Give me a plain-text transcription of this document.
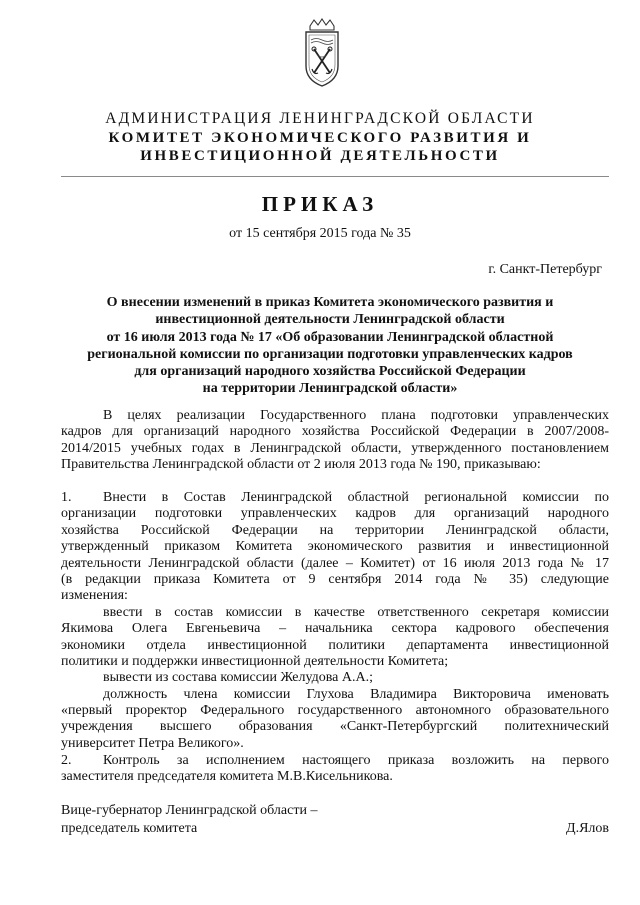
АДМИНИСТРАЦИЯ ЛЕНИНГРАДСКОЙ ОБЛАСТИ
КОМИТЕТ ЭКОНОМИЧЕСКОГО РАЗВИТИЯ И
ИНВЕСТИЦИОННОЙ ДЕЯТЕЛЬНОСТИ
ПРИКАЗ
от 15 сентября 2015 года № 35
г. Санкт-Петербург
О внесении изменений в приказ Комитета экономического развития и
инвестиционной деятельности Ленинградской области
от 16 июля 2013 года № 17 «Об образовании Ленинградской областной
региональной комиссии по организации подготовки управленческих кадров
для организаций народного хозяйства Российской Федерации
на территории Ленинградской области»
В целях реализации Государственного плана подготовки управленческих
кадров для организаций народного хозяйства Российской Федерации в 2007/2008-
2014/2015 учебных годах в Ленинградской области, утвержденного постановлением
Правительства Ленинградской области от 2 июля 2013 года № 190, приказываю:
1. Внести в Состав Ленинградской областной региональной комиссии по
организации подготовки управленческих кадров для организаций народного
хозяйства Российской Федерации на территории Ленинградской области,
утвержденный приказом Комитета экономического развития и инвестиционной
деятельности Ленинградской области (далее – Комитет) от 16 июля 2013 года № 17
(в редакции приказа Комитета от 9 сентября 2014 года № 35) следующие
изменения:
ввести в состав комиссии в качестве ответственного секретаря комиссии
Якимова Олега Евгеньевича – начальника сектора кадрового обеспечения
экономики отдела инвестиционной политики департамента инвестиционной
политики и поддержки инвестиционной деятельности Комитета;
вывести из состава комиссии Желудова А.А.;
должность члена комиссии Глухова Владимира Викторовича именовать
«первый проректор Федерального государственного автономного образовательного
учреждения высшего образования «Санкт-Петербургский политехнический
университет Петра Великого».
2. Контроль за исполнением настоящего приказа возложить на первого
заместителя председателя комитета М.В.Кисельникова.
Вице-губернатор Ленинградской области –
председатель комитета	Д.Ялов
